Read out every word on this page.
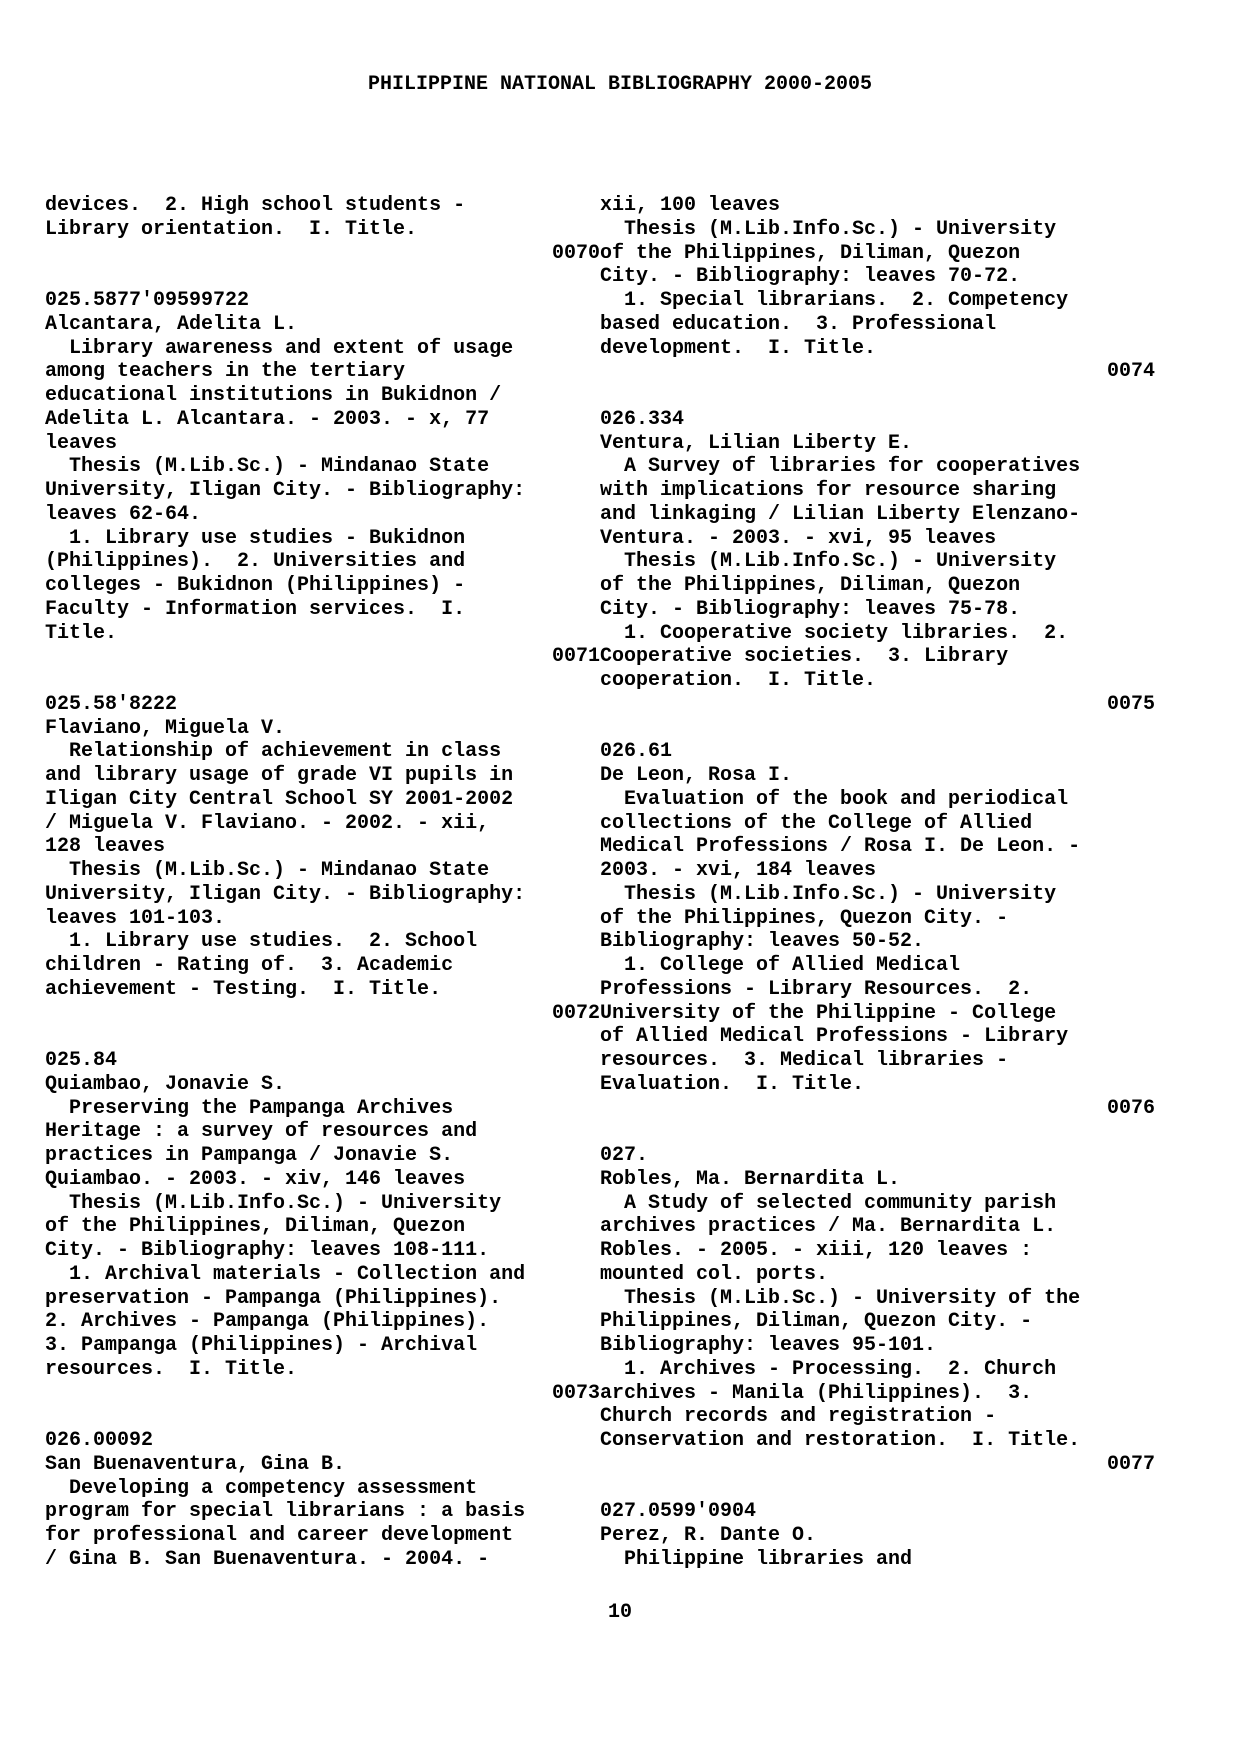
PHILIPPINE NATIONAL BIBLIOGRAPHY 2000-2005
devices.  2. High school students -
Library orientation.  I. Title.
0070
025.5877'09599722
Alcantara, Adelita L.
Library awareness and extent of usage
among teachers in the tertiary
educational institutions in Bukidnon /
Adelita L. Alcantara. - 2003. - x, 77
leaves
Thesis (M.Lib.Sc.) - Mindanao State
University, Iligan City. - Bibliography:
leaves 62-64.
1. Library use studies - Bukidnon
(Philippines).  2. Universities and
colleges - Bukidnon (Philippines) -
Faculty - Information services.  I.
Title.
0071
025.58'8222
Flaviano, Miguela V.
Relationship of achievement in class
and library usage of grade VI pupils in
Iligan City Central School SY 2001-2002
/ Miguela V. Flaviano. - 2002. - xii,
128 leaves
Thesis (M.Lib.Sc.) - Mindanao State
University, Iligan City. - Bibliography:
leaves 101-103.
1. Library use studies.  2. School
children - Rating of.  3. Academic
achievement - Testing.  I. Title.
0072
025.84
Quiambao, Jonavie S.
Preserving the Pampanga Archives
Heritage : a survey of resources and
practices in Pampanga / Jonavie S.
Quiambao. - 2003. - xiv, 146 leaves
Thesis (M.Lib.Info.Sc.) - University
of the Philippines, Diliman, Quezon
City. - Bibliography: leaves 108-111.
1. Archival materials - Collection and
preservation - Pampanga (Philippines).
2. Archives - Pampanga (Philippines).
3. Pampanga (Philippines) - Archival
resources.  I. Title.
0073
026.00092
San Buenaventura, Gina B.
Developing a competency assessment
program for special librarians : a basis
for professional and career development
/ Gina B. San Buenaventura. - 2004. -
xii, 100 leaves
Thesis (M.Lib.Info.Sc.) - University
of the Philippines, Diliman, Quezon
City. - Bibliography: leaves 70-72.
1. Special librarians.  2. Competency
based education.  3. Professional
development.  I. Title.
0074
026.334
Ventura, Lilian Liberty E.
A Survey of libraries for cooperatives
with implications for resource sharing
and linkaging / Lilian Liberty Elenzano-
Ventura. - 2003. - xvi, 95 leaves
Thesis (M.Lib.Info.Sc.) - University
of the Philippines, Diliman, Quezon
City. - Bibliography: leaves 75-78.
1. Cooperative society libraries.  2.
Cooperative societies.  3. Library
cooperation.  I. Title.
0075
026.61
De Leon, Rosa I.
Evaluation of the book and periodical
collections of the College of Allied
Medical Professions / Rosa I. De Leon. -
2003. - xvi, 184 leaves
Thesis (M.Lib.Info.Sc.) - University
of the Philippines, Quezon City. -
Bibliography: leaves 50-52.
1. College of Allied Medical
Professions - Library Resources.  2.
University of the Philippine - College
of Allied Medical Professions - Library
resources.  3. Medical libraries -
Evaluation.  I. Title.
0076
027.
Robles, Ma. Bernardita L.
A Study of selected community parish
archives practices / Ma. Bernardita L.
Robles. - 2005. - xiii, 120 leaves :
mounted col. ports.
Thesis (M.Lib.Sc.) - University of the
Philippines, Diliman, Quezon City. -
Bibliography: leaves 95-101.
1. Archives - Processing.  2. Church
archives - Manila (Philippines).  3.
Church records and registration -
Conservation and restoration.  I. Title.
0077
027.0599'0904
Perez, R. Dante O.
Philippine libraries and
10
